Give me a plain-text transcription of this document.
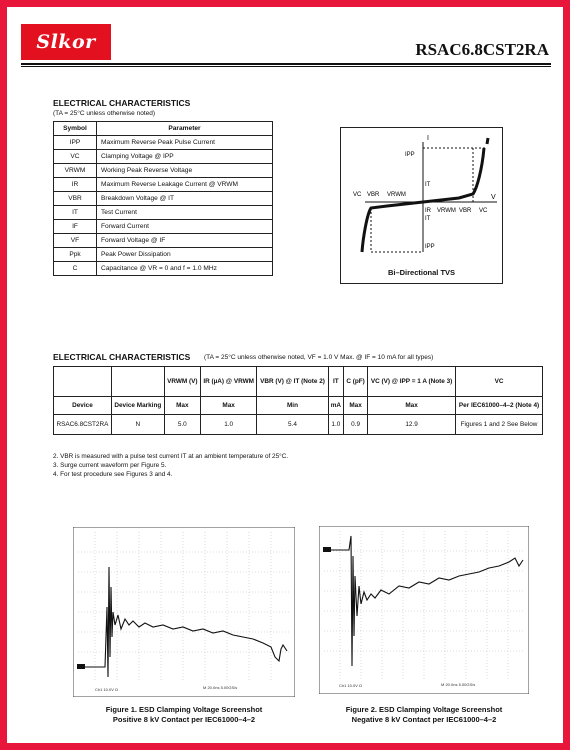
Slkor	RSAC6.8CST2RA
ELECTRICAL CHARACTERISTICS
(TA = 25°C unless otherwise noted)
Symbol	Parameter
IPP	Maximum Reverse Peak Pulse Current
VC	Clamping Voltage @ IPP
VRWM	Working Peak Reverse Voltage
IR	Maximum Reverse Leakage Current @ VRWM
VBR	Breakdown Voltage @ IT
IT	Test Current
IF	Forward Current
VF	Forward Voltage @ IF
Ppk	Peak Power Dissipation
C	Capacitance @ VR = 0 and f = 1.0 MHz
I
V
IPP
IT
IR
IT
IPP
VC VBR VRWM
VRWM VBR VC
Bi–Directional TVS
ELECTRICAL CHARACTERISTICS (TA = 25°C unless otherwise noted, VF = 1.0 V Max. @ IF = 10 mA for all types)
		VRWM (V)	IR (µA) @ VRWM	VBR (V) @ IT (Note 2)	IT	C (pF)	VC (V) @ IPP = 1 A (Note 3)	VC
Device	Device Marking	Max	Max	Min	mA	Max	Max	Per IEC61000–4–2 (Note 4)
RSAC6.8CST2RA	N	5.0	1.0	5.4	1.0	0.9	12.9	Figures 1 and 2 See Below
2. VBR is measured with a pulse test current IT at an ambient temperature of 25°C.
3. Surge current waveform per Figure 5.
4. For test procedure see Figures 3 and 4.
Ch1 10.0V Ω	M 20.0ns 5.00GS/s
Figure 1. ESD Clamping Voltage Screenshot
Positive 8 kV Contact per IEC61000–4–2
Ch1 10.0V Ω	M 20.0ns 5.00GS/s
Figure 2. ESD Clamping Voltage Screenshot
Negative 8 kV Contact per IEC61000–4–2
